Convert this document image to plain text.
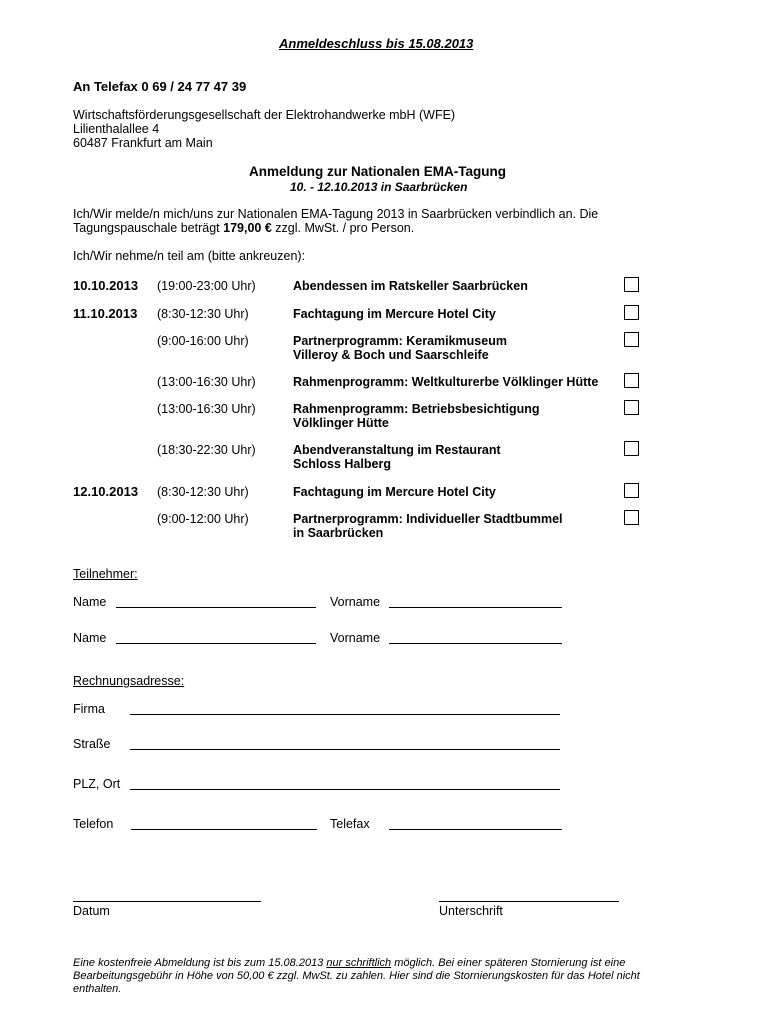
Anmeldeschluss bis 15.08.2013
An Telefax 0 69 / 24 77 47 39
Wirtschaftsförderungsgesellschaft der Elektrohandwerke mbH (WFE)
Lilienthalallee 4
60487 Frankfurt am Main
Anmeldung zur Nationalen EMA-Tagung
10. - 12.10.2013 in Saarbrücken
Ich/Wir melde/n mich/uns zur Nationalen EMA-Tagung 2013 in Saarbrücken verbindlich an. Die
Tagungspauschale beträgt 179,00 € zzgl. MwSt. / pro Person.
Ich/Wir nehme/n teil am (bitte ankreuzen):
10.10.2013 (19:00-23:00 Uhr)	Abendessen im Ratskeller Saarbrücken
11.10.2013 (8:30-12:30 Uhr)	Fachtagung im Mercure Hotel City
(9:00-16:00 Uhr)	Partnerprogramm: Keramikmuseum
Villeroy & Boch und Saarschleife
(13:00-16:30 Uhr)	Rahmenprogramm: Weltkulturerbe Völklinger Hütte
(13:00-16:30 Uhr)	Rahmenprogramm: Betriebsbesichtigung
Völklinger Hütte
(18:30-22:30 Uhr)	Abendveranstaltung im Restaurant
Schloss Halberg
12.10.2013 (8:30-12:30 Uhr)	Fachtagung im Mercure Hotel City
(9:00-12:00 Uhr)	Partnerprogramm: Individueller Stadtbummel
in Saarbrücken
Teilnehmer:
Name	Vorname
Name	Vorname
Rechnungsadresse:
Firma
Straße
PLZ, Ort
Telefon	Telefax
Datum	Unterschrift
Eine kostenfreie Abmeldung ist bis zum 15.08.2013 nur schriftlich möglich. Bei einer späteren Stornierung ist eine
Bearbeitungsgebühr in Höhe von 50,00 € zzgl. MwSt. zu zahlen. Hier sind die Stornierungskosten für das Hotel nicht
enthalten.
